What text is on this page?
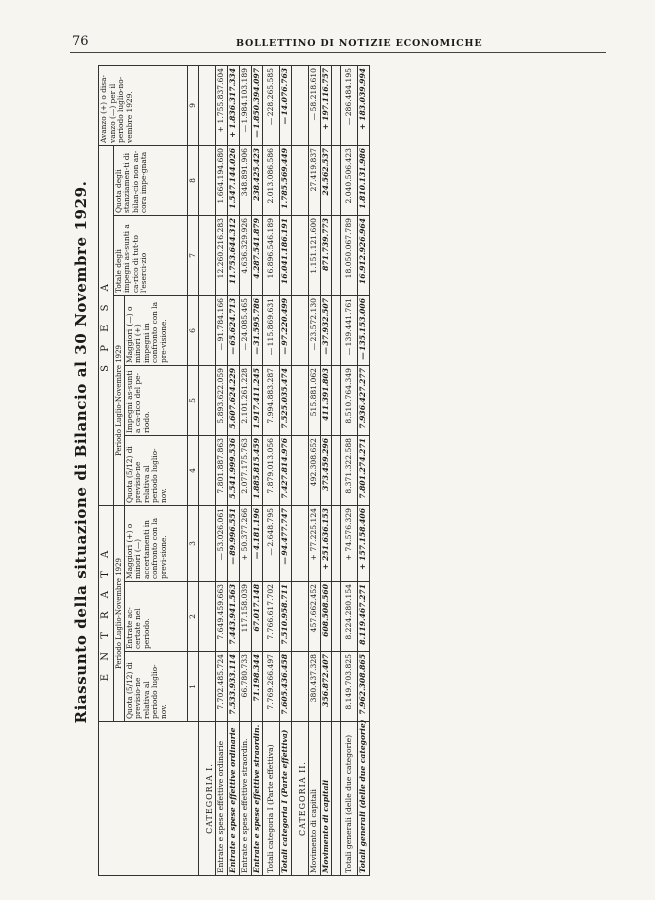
76	BOLLETTINO DI NOTIZIE ECONOMICHE
Riassunto della situazione di Bilancio al 30 Novembre 1929.
	E N T R A T A			S P E S A					Avanzo (+) o disa-vanzo (—) per il periodo luglio-no-vembre 1929.
	Periodo Luglio-Novembre 1929			Periodo Luglio-Novembre 1929			Totale degli impegni as-sunti a ca-rico di tut-to l'eserci-zio	Quota degli stanziamen-ti di bilan-cio non an-cora impe-gnata	
	Quota (5/12) di previsio-ne relativa al periodo luglio-nov.	Entrate ac-certate nel periodo.	Maggiori (+) o minori (—) accertamenti in confronto con la previ-sione.	Quota (5/12) di previsio-ne relativa al periodo luglio-nov.	Impegni as-sunti a ca-rico del pe-riodo.	Maggiori (—) o minori (+) impegni in confronto con la pre-visione.			
	1	2	3	4	5	6	7	8	9
CATEGORIA I.									
Entrate e spese effettive ordinarie	7.702.485.724	7.649.459.663	—53.026.061	7.801.887.863	5.893.622.059	—91.784.166	12.260.216.283	1.664.194.680	+1.755.837.604
Entrate e spese effettive ordinarie	7.533.933.114	7.443.941.563	—89.996.551	5.541.999.536	5.607.624.229	—65.624.713	11.753.644.312	1.547.144.026	+1.836.317.334
Entrate e spese effettive straordin.	66.780.733	117.158.039	+50.377.266	2.077.175.763	2.101.261.228	—24.085.465	4.636.329.926	348.891.906	—1.984.103.189
Entrate e spese effettive straordin.	71.198.344	67.017.148	—4.181.196	1.885.815.459	1.917.411.245	—31.595.786	4.287.541.879	238.425.423	—1.850.394.097
Totali categoria I (Parte effettiva)	7.769.266.497	7.766.617.702	—2.648.795	7.879.013.056	7.994.883.287	—115.869.631	16.896.546.189	2.013.086.586	—228.265.585
Totali categoria I (Parte effettiva)	7.605.436.458	7.510.958.711	—94.477.747	7.427.814.976	7.525.035.474	—97.220.499	16.041.186.191	1.785.569.449	—14.076.763
CATEGORIA II.									
Movimento di capitali	380.437.328	457.662.452	+77.225.124	492.308.652	515.881.062	—23.572.130	1.151.121.600	27.419.837	—58.218.610
Movimento di capitali	356.872.407	608.508.560	+251.636.153	373.459.296	411.391.803	—37.932.507	871.739.773	24.562.537	+197.116.757

Totali generali (delle due categorie)	8.149.703.825	8.224.280.154	+74.576.329	8.371.322.588	8.510.764.349	—139.441.761	18.050.067.789	2.040.506.423	—286.484.195
Totali generali (delle due categorie)	7.962.308.865	8.119.467.271	+157.158.406	7.801.274.271	7.936.427.277	—135.153.006	16.912.926.964	1.810.131.986	+183.039.994
